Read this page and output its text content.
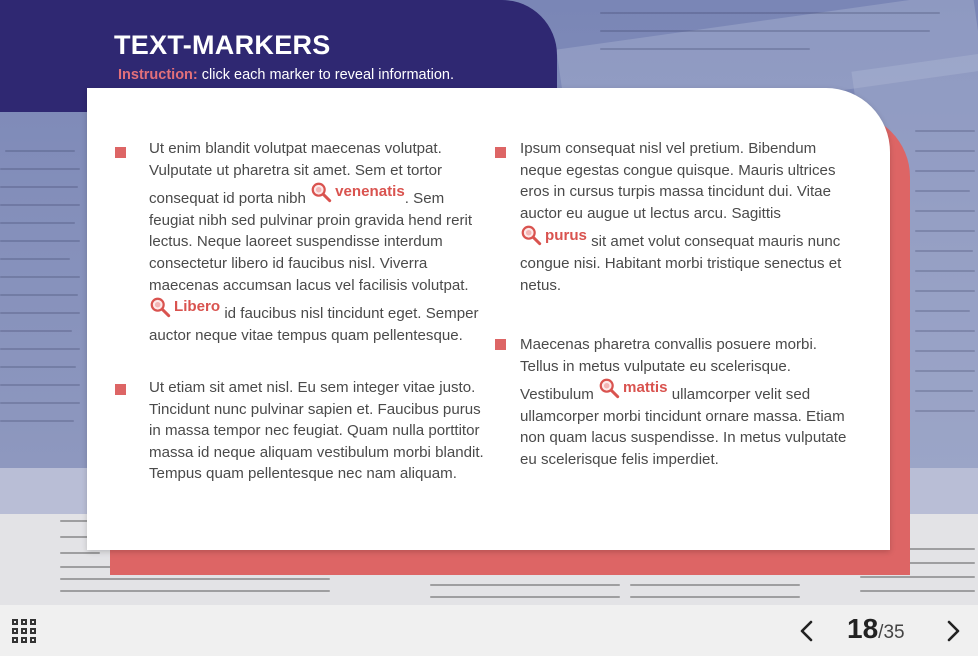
TEXT-MARKERS
Instruction: click each marker to reveal information.
Ut enim blandit volutpat maecenas volutpat. Vulputate ut pharetra sit amet. Sem et tortor consequat id porta nibh venenatis . Sem feugiat nibh sed pulvinar proin gravida hend rerit lectus. Neque laoreet suspendisse interdum consectetur libero id faucibus nisl. Viverra maecenas accumsan lacus vel facilisis volutpat.
Libero id faucibus nisl tincidunt eget. Semper auctor neque vitae tempus quam pellentesque.
Ut etiam sit amet nisl. Eu sem integer vitae justo. Tincidunt nunc pulvinar sapien et. Faucibus purus in massa tempor nec feugiat. Quam nulla porttitor massa id neque aliquam vestibulum morbi blandit. Tempus quam pellentesque nec nam aliquam.
Ipsum consequat nisl vel pretium. Bibendum neque egestas congue quisque. Mauris ultrices eros in cursus turpis massa tincidunt dui. Vitae auctor eu augue ut lectus arcu. Sagittis
purus sit amet volut consequat mauris nunc congue nisi. Habitant morbi tristique senectus et netus.
Maecenas pharetra convallis posuere morbi. Tellus in metus vulputate eu scelerisque. Vestibulum mattis ullamcorper velit sed ullamcorper morbi tincidunt ornare massa. Etiam non quam lacus suspendisse. In metus vulputate eu scelerisque felis imperdiet.
18/35
